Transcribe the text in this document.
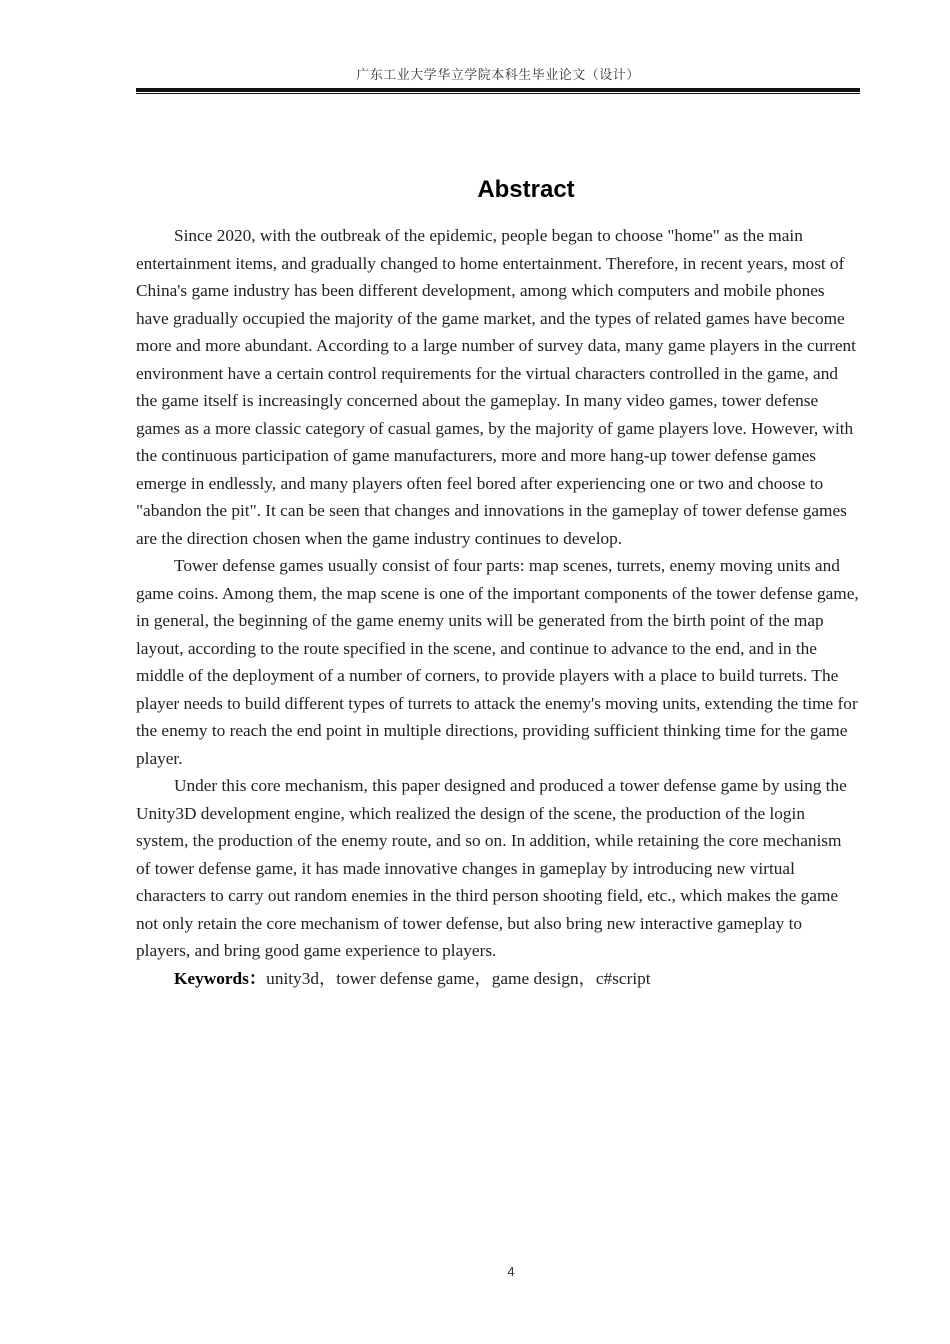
广东工业大学华立学院本科生毕业论文（设计）
Abstract

Since 2020, with the outbreak of the epidemic, people began to choose "home" as the main entertainment items, and gradually changed to home entertainment. Therefore, in recent years, most of China's game industry has been different development, among which computers and mobile phones have gradually occupied the majority of the game market, and the types of related games have become more and more abundant. According to a large number of survey data, many game players in the current environment have a certain control requirements for the virtual characters controlled in the game, and the game itself is increasingly concerned about the gameplay. In many video games, tower defense games as a more classic category of casual games, by the majority of game players love. However, with the continuous participation of game manufacturers, more and more hang-up tower defense games emerge in endlessly, and many players often feel bored after experiencing one or two and choose to "abandon the pit". It can be seen that changes and innovations in the gameplay of tower defense games are the direction chosen when the game industry continues to develop.

Tower defense games usually consist of four parts: map scenes, turrets, enemy moving units and game coins. Among them, the map scene is one of the important components of the tower defense game, in general, the beginning of the game enemy units will be generated from the birth point of the map layout, according to the route specified in the scene, and continue to advance to the end, and in the middle of the deployment of a number of corners, to provide players with a place to build turrets. The player needs to build different types of turrets to attack the enemy's moving units, extending the time for the enemy to reach the end point in multiple directions, providing sufficient thinking time for the game player.

Under this core mechanism, this paper designed and produced a tower defense game by using the Unity3D development engine, which realized the design of the scene, the production of the login system, the production of the enemy route, and so on. In addition, while retaining the core mechanism of tower defense game, it has made innovative changes in gameplay by introducing new virtual characters to carry out random enemies in the third person shooting field, etc., which makes the game not only retain the core mechanism of tower defense, but also bring new interactive gameplay to players, and bring good game experience to players.

Keywords：unity3d，tower defense game，game design，c#script

4
